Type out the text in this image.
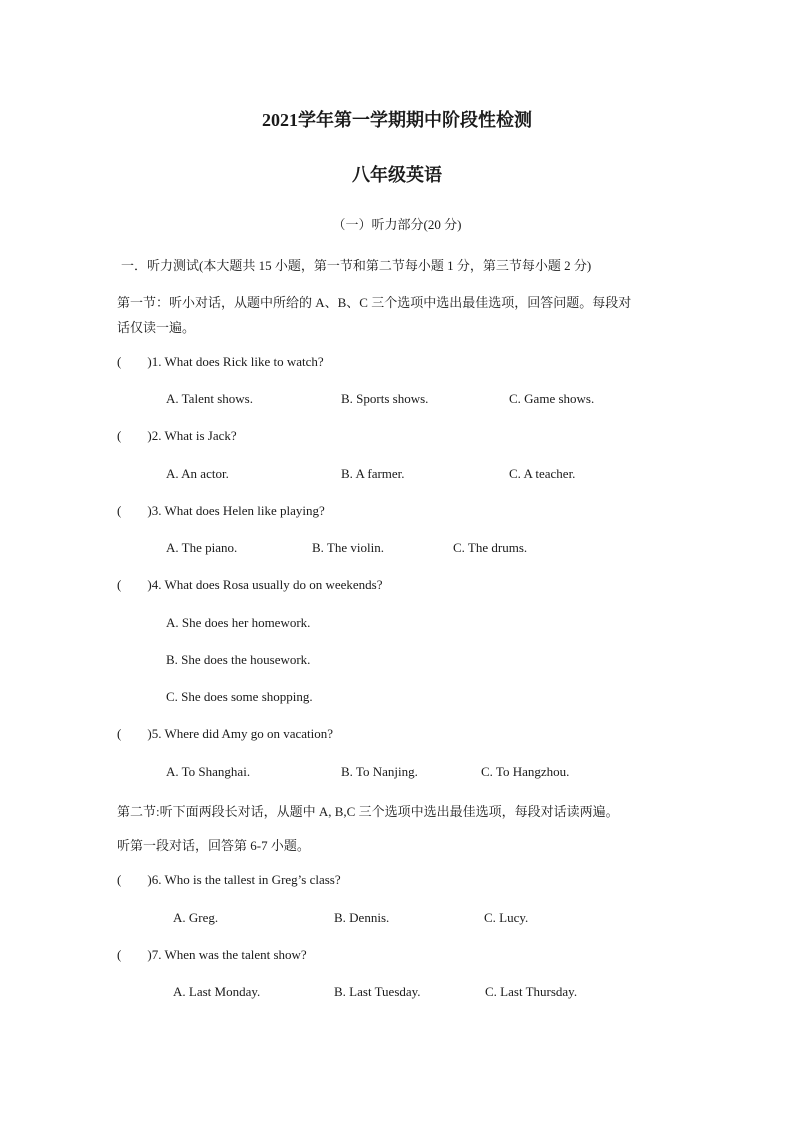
2021学年第一学期期中阶段性检测
八年级英语
（一）听力部分(20 分)
一．听力测试(本大题共 15 小题，第一节和第二节每小题 1 分，第三节每小题 2 分)
第一节：听小对话，从题中所给的 A、B、C 三个选项中选出最佳选项，回答问题。每段对
话仅读一遍。
( )1. What does Rick like to watch?
A. Talent shows.	B. Sports shows.	C. Game shows.
( )2. What is Jack?
A. An actor.	B. A farmer.	C. A teacher.
( )3. What does Helen like playing?
A. The piano.	B. The violin.	C. The drums.
( )4. What does Rosa usually do on weekends?
A. She does her homework.
B. She does the housework.
C. She does some shopping.
( )5. Where did Amy go on vacation?
A. To Shanghai.	B. To Nanjing.	C. To Hangzhou.
第二节:听下面两段长对话，从题中 A, B,C 三个选项中选出最佳选项，每段对话读两遍。
听第一段对话，回答第 6-7 小题。
( )6. Who is the tallest in Greg’s class?
A. Greg.	B. Dennis.	C. Lucy.
( )7. When was the talent show?
A. Last Monday.	B. Last Tuesday.	C. Last Thursday.
